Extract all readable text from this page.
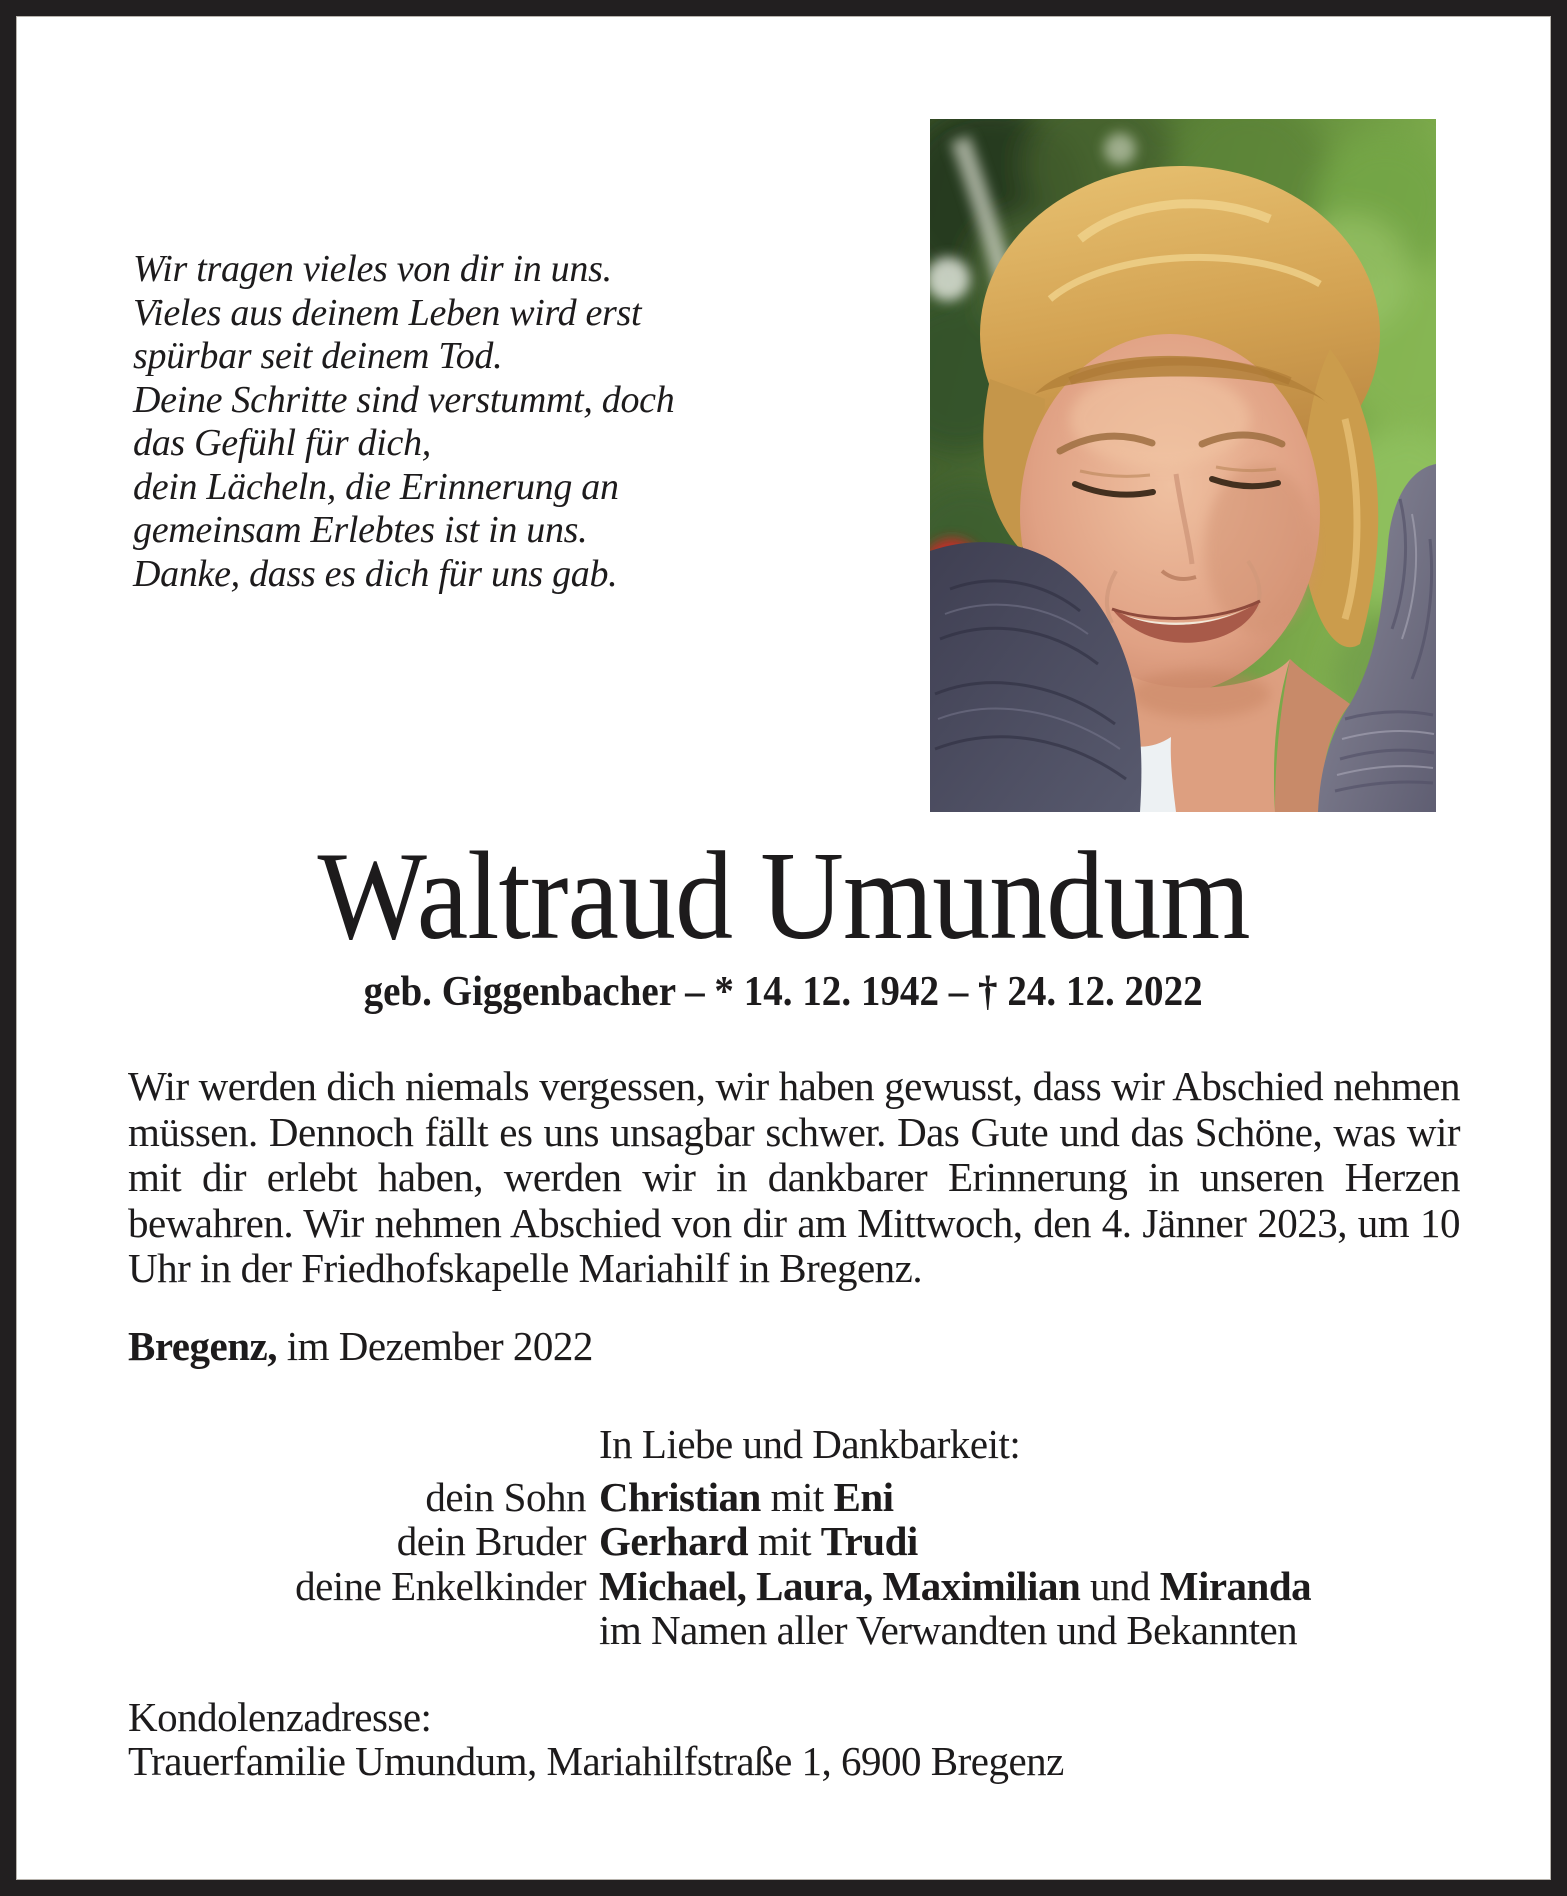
Wir tragen vieles von dir in uns.
Vieles aus deinem Leben wird erst
spürbar seit deinem Tod.
Deine Schritte sind verstummt, doch
das Gefühl für dich,
dein Lächeln, die Erinnerung an
gemeinsam Erlebtes ist in uns.
Danke, dass es dich für uns gab.
Waltraud Umundum
geb. Giggenbacher – * 14. 12. 1942 – † 24. 12. 2022
Wir werden dich niemals vergessen, wir haben gewusst, dass wir Abschied nehmen müssen. Dennoch fällt es uns unsagbar schwer. Das Gute und das Schöne, was wir mit dir erlebt haben, werden wir in dankbarer Erinnerung in unseren Herzen bewahren. Wir nehmen Abschied von dir am Mittwoch, den 4. Jänner 2023, um 10 Uhr in der Friedhofskapelle Mariahilf in Bregenz.
Bregenz, im Dezember 2022
In Liebe und Dankbarkeit:
dein Sohn Christian mit Eni
dein Bruder Gerhard mit Trudi
deine Enkelkinder Michael, Laura, Maximilian und Miranda
im Namen aller Verwandten und Bekannten
Kondolenzadresse:
Trauerfamilie Umundum, Mariahilfstraße 1, 6900 Bregenz
